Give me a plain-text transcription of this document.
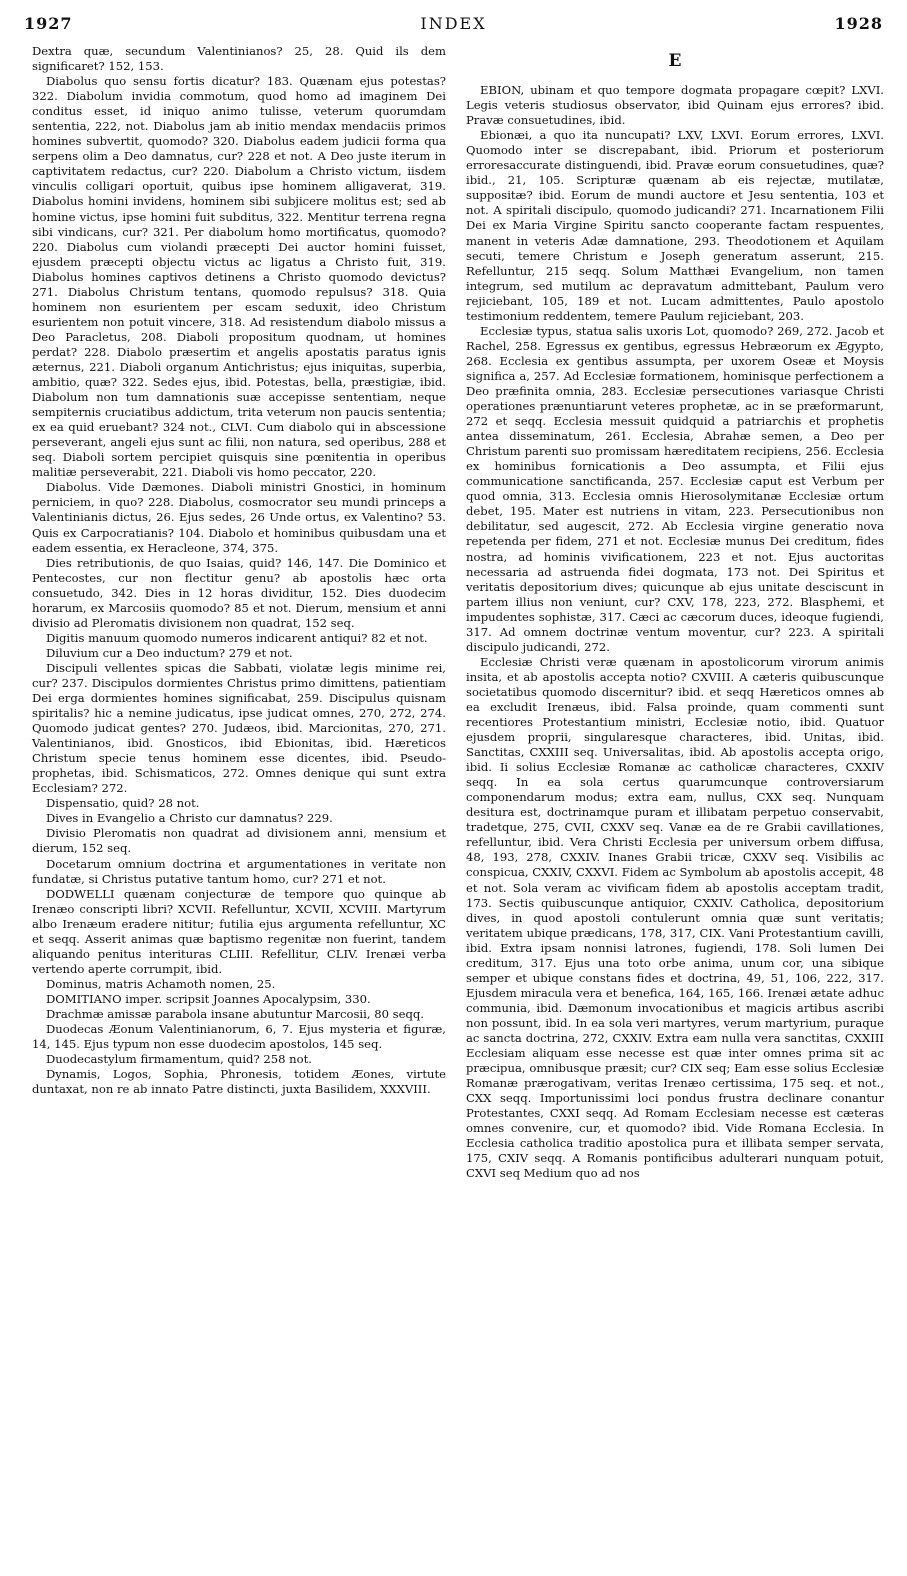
1927	INDEX	1928

Dextra quæ, secundum Valentinianos? 25, 28. Quid ils dem significaret? 152, 153.

Diabolus quo sensu fortis dicatur? 183. Quænam ejus potestas? 322. Diabolum invidia commotum, quod homo ad imaginem Dei conditus esset, id iniquo animo tulisse, veterum quorumdam sententia, 222, not. Diabolus jam ab initio mendax mendaciis primos homines subvertit, quomodo? 320. Diabolus eadem judicii forma qua serpens olim a Deo damnatus, cur? 228 et not. A Deo juste iterum in captivitatem redactus, cur? 220. Diabolum a Christo victum, iisdem vinculis colligari oportuit, quibus ipse hominem alligaverat, 319. Diabolus homini invidens, hominem sibi subjicere molitus est; sed ab homine victus, ipse homini fuit subditus, 322. Mentitur terrena regna sibi vindicans, cur? 321. Per diabolum homo mortificatus, quomodo? 220. Diabolus cum violandi præcepti Dei auctor homini fuisset, ejusdem præcepti objectu victus ac ligatus a Christo fuit, 319. Diabolus homines captivos detinens a Christo quomodo devictus? 271. Diabolus Christum tentans, quomodo repulsus? 318. Quia hominem non esurientem per escam seduxit, ideo Christum esurientem non potuit vincere, 318. Ad resistendum diabolo missus a Deo Paracletus, 208. Diaboli propositum quodnam, ut homines perdat? 228. Diabolo præsertim et angelis apostatis paratus ignis æternus, 221. Diaboli organum Antichristus; ejus iniquitas, superbia, ambitio, quæ? 322. Sedes ejus, ibid. Potestas, bella, præstigiæ, ibid. Diabolum non tum damnationis suæ accepisse sententiam, neque sempiternis cruciatibus addictum, trita veterum non paucis sententia; ex ea quid eruebant? 324 not., CLVI. Cum diabolo qui in abscessione perseverant, angeli ejus sunt ac filii, non natura, sed operibus, 288 et seq. Diaboli sortem percipiet quisquis sine pœnitentia in operibus malitiæ perseverabit, 221. Diaboli vis homo peccator, 220.

Diabolus. Vide Dæmones. Diaboli ministri Gnostici, in hominum perniciem, in quo? 228. Diabolus, cosmocrator seu mundi princeps a Valentinianis dictus, 26. Ejus sedes, 26 Unde ortus, ex Valentino? 53. Quis ex Carpocratianis? 104. Diabolo et hominibus quibusdam una et eadem essentia, ex Heracleone, 374, 375.

Dies retributionis, de quo Isaias, quid? 146, 147. Die Dominico et Pentecostes, cur non flectitur genu? ab apostolis hæc orta consuetudo, 342. Dies in 12 horas dividitur, 152. Dies duodecim horarum, ex Marcosiis quomodo? 85 et not. Dierum, mensium et anni divisio ad Pleromatis divisionem non quadrat, 152 seq.

Digitis manuum quomodo numeros indicarent antiqui? 82 et not.

Diluvium cur a Deo inductum? 279 et not.

Discipuli vellentes spicas die Sabbati, violatæ legis minime rei, cur? 237. Discipulos dormientes Christus primo dimittens, patientiam Dei erga dormientes homines significabat, 259. Discipulus quisnam spiritalis? hic a nemine judicatus, ipse judicat omnes, 270, 272, 274. Quomodo judicat gentes? 270. Judæos, ibid. Marcionitas, 270, 271. Valentinianos, ibid. Gnosticos, ibid Ebionitas, ibid. Hæreticos Christum specie tenus hominem esse dicentes, ibid. Pseudo-prophetas, ibid. Schismaticos, 272. Omnes denique qui sunt extra Ecclesiam? 272.

Dispensatio, quid? 28 not.

Dives in Evangelio a Christo cur damnatus? 229.

Divisio Pleromatis non quadrat ad divisionem anni, mensium et dierum, 152 seq.

Docetarum omnium doctrina et argumentationes in veritate non fundatæ, si Christus putative tantum homo, cur? 271 et not.

DODWELLI quænam conjecturæ de tempore quo quinque ab Irenæo conscripti libri? XCVII. Refelluntur, XCVII, XCVIII. Martyrum albo Irenæum eradere nititur; futilia ejus argumenta refelluntur, XC et seqq. Asserit animas quæ baptismo regenitæ non fuerint, tandem aliquando penitus interituras CLIII. Refellitur, CLIV. Irenæi verba vertendo aperte corrumpit, ibid.

Dominus, matris Achamoth nomen, 25.

DOMITIANO imper. scripsit Joannes Apocalypsim, 330.

Drachmæ amissæ parabola insane abutuntur Marcosii, 80 seqq.

Duodecas Æonum Valentinianorum, 6, 7. Ejus mysteria et figuræ, 14, 145. Ejus typum non esse duodecim apostolos, 145 seq.

Duodecastylum firmamentum, quid? 258 not.

Dynamis, Logos, Sophia, Phronesis, totidem Æones, virtute duntaxat, non re ab innato Patre distincti, juxta Basilidem, XXXVIII.

E

EBION, ubinam et quo tempore dogmata propagare cœpit? LXVI. Legis veteris studiosus observator, ibid Quinam ejus errores? ibid. Pravæ consuetudines, ibid.

Ebionæi, a quo ita nuncupati? LXV, LXVI. Eorum errores, LXVI. Quomodo inter se discrepabant, ibid. Priorum et posteriorum erroresaccurate distinguendi, ibid. Pravæ eorum consuetudines, quæ? ibid., 21, 105. Scripturæ quænam ab eis rejectæ, mutilatæ, suppositæ? ibid. Eorum de mundi auctore et Jesu sententia, 103 et not. A spiritali discipulo, quomodo judicandi? 271. Incarnationem Filii Dei ex Maria Virgine Spiritu sancto cooperante factam respuentes, manent in veteris Adæ damnatione, 293. Theodotionem et Aquilam secuti, temere Christum e Joseph generatum asserunt, 215. Refelluntur, 215 seqq. Solum Matthæi Evangelium, non tamen integrum, sed mutilum ac depravatum admittebant, Paulum vero rejiciebant, 105, 189 et not. Lucam admittentes, Paulo apostolo testimonium reddentem, temere Paulum rejiciebant, 203.

Ecclesiæ typus, statua salis uxoris Lot, quomodo? 269, 272. Jacob et Rachel, 258. Egressus ex gentibus, egressus Hebræorum ex Ægypto, 268. Ecclesia ex gentibus assumpta, per uxorem Oseæ et Moysis significa a, 257. Ad Ecclesiæ formationem, hominisque perfectionem a Deo præfinita omnia, 283. Ecclesiæ persecutiones variasque Christi operationes prænuntiarunt veteres prophetæ, ac in se præformarunt, 272 et seqq. Ecclesia messuit quidquid a patriarchis et prophetis antea disseminatum, 261. Ecclesia, Abrahæ semen, a Deo per Christum parenti suo promissam hæreditatem recipiens, 256. Ecclesia ex hominibus fornicationis a Deo assumpta, et Filii ejus communicatione sanctificanda, 257. Ecclesiæ caput est Verbum per quod omnia, 313. Ecclesia omnis Hierosolymitanæ Ecclesiæ ortum debet, 195. Mater est nutriens in vitam, 223. Persecutionibus non debilitatur, sed augescit, 272. Ab Ecclesia virgine generatio nova repetenda per fidem, 271 et not. Ecclesiæ munus Dei creditum, fides nostra, ad hominis vivificationem, 223 et not. Ejus auctoritas necessaria ad astruenda fidei dogmata, 173 not. Dei Spiritus et veritatis depositorium dives; quicunque ab ejus unitate desciscunt in partem illius non veniunt, cur? CXV, 178, 223, 272. Blasphemi, et impudentes sophistæ, 317. Cæci ac cæcorum duces, ideoque fugiendi, 317. Ad omnem doctrinæ ventum moventur, cur? 223. A spiritali discipulo judicandi, 272.

Ecclesiæ Christi veræ quænam in apostolicorum virorum animis insita, et ab apostolis accepta notio? CXVIII. A cæteris quibuscunque societatibus quomodo discernitur? ibid. et seqq Hæreticos omnes ab ea excludit Irenæus, ibid. Falsa proinde, quam commenti sunt recentiores Protestantium ministri, Ecclesiæ notio, ibid. Quatuor ejusdem proprii, singularesque characteres, ibid. Unitas, ibid. Sanctitas, CXXIII seq. Universalitas, ibid. Ab apostolis accepta origo, ibid. Ii solius Ecclesiæ Romanæ ac catholicæ characteres, CXXIV seqq. In ea sola certus quarumcunque controversiarum componendarum modus; extra eam, nullus, CXX seq. Nunquam desitura est, doctrinamque puram et illibatam perpetuo conservabit, tradetque, 275, CVII, CXXV seq. Vanæ ea de re Grabii cavillationes, refelluntur, ibid. Vera Christi Ecclesia per universum orbem diffusa, 48, 193, 278, CXXIV. Inanes Grabii tricæ, CXXV seq. Visibilis ac conspicua, CXXIV, CXXVI. Fidem ac Symbolum ab apostolis accepit, 48 et not. Sola veram ac vivificam fidem ab apostolis acceptam tradit, 173. Sectis quibuscunque antiquior, CXXIV. Catholica, depositorium dives, in quod apostoli contulerunt omnia quæ sunt veritatis; veritatem ubique prædicans, 178, 317, CIX. Vani Protestantium cavilli, ibid. Extra ipsam nonnisi latrones, fugiendi, 178. Soli lumen Dei creditum, 317. Ejus una toto orbe anima, unum cor, una sibique semper et ubique constans fides et doctrina, 49, 51, 106, 222, 317. Ejusdem miracula vera et benefica, 164, 165, 166. Irenæi ætate adhuc communia, ibid. Dæmonum invocationibus et magicis artibus ascribi non possunt, ibid. In ea sola veri martyres, verum martyrium, puraque ac sancta doctrina, 272, CXXIV. Extra eam nulla vera sanctitas, CXXIII Ecclesiam aliquam esse necesse est quæ inter omnes prima sit ac præcipua, omnibusque præsit; cur? CIX seq; Eam esse solius Ecclesiæ Romanæ prærogativam, veritas Irenæo certissima, 175 seq. et not., CXX seqq. Importunissimi loci pondus frustra declinare conantur Protestantes, CXXI seqq. Ad Romam Ecclesiam necesse est cæteras omnes convenire, cur, et quomodo? ibid. Vide Romana Ecclesia. In Ecclesia catholica traditio apostolica pura et illibata semper servata, 175, CXIV seqq. A Romanis pontificibus adulterari nunquam potuit, CXVI seq Medium quo ad nos
